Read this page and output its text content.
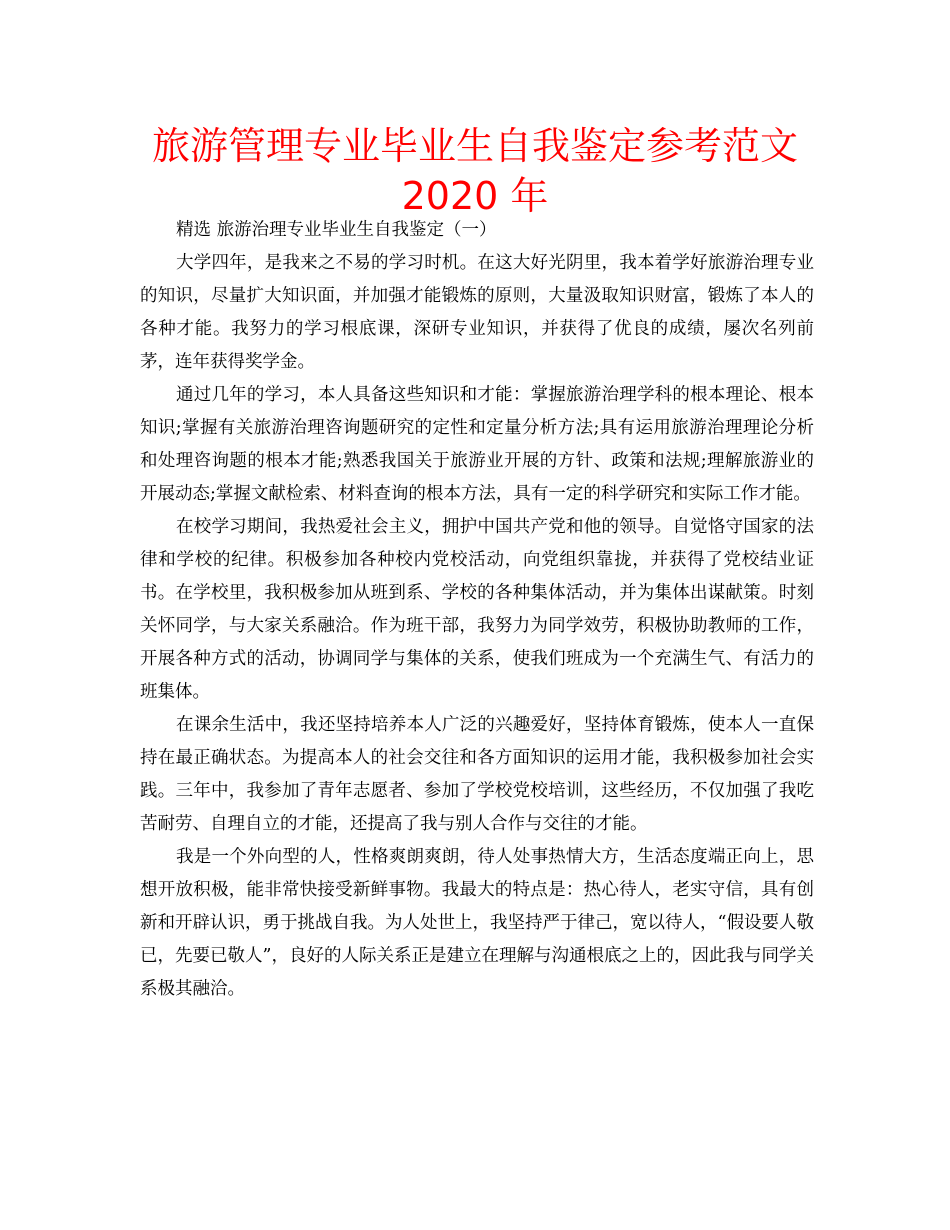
旅游管理专业毕业生自我鉴定参考范文
2020 年

精选 旅游治理专业毕业生自我鉴定（一）

大学四年，是我来之不易的学习时机。在这大好光阴里，我本着学好旅游治理专业的知识，尽量扩大知识面，并加强才能锻炼的原则，大量汲取知识财富，锻炼了本人的各种才能。我努力的学习根底课，深研专业知识，并获得了优良的成绩，屡次名列前茅，连年获得奖学金。

通过几年的学习，本人具备这些知识和才能：掌握旅游治理学科的根本理论、根本知识;掌握有关旅游治理咨询题研究的定性和定量分析方法;具有运用旅游治理理论分析和处理咨询题的根本才能;熟悉我国关于旅游业开展的方针、政策和法规;理解旅游业的开展动态;掌握文献检索、材料查询的根本方法，具有一定的科学研究和实际工作才能。

在校学习期间，我热爱社会主义，拥护中国共产党和他的领导。自觉恪守国家的法律和学校的纪律。积极参加各种校内党校活动，向党组织靠拢，并获得了党校结业证书。在学校里，我积极参加从班到系、学校的各种集体活动，并为集体出谋献策。时刻关怀同学，与大家关系融洽。作为班干部，我努力为同学效劳，积极协助教师的工作，开展各种方式的活动，协调同学与集体的关系，使我们班成为一个充满生气、有活力的班集体。

在课余生活中，我还坚持培养本人广泛的兴趣爱好，坚持体育锻炼，使本人一直保持在最正确状态。为提高本人的社会交往和各方面知识的运用才能，我积极参加社会实践。三年中，我参加了青年志愿者、参加了学校党校培训，这些经历，不仅加强了我吃苦耐劳、自理自立的才能，还提高了我与别人合作与交往的才能。

我是一个外向型的人，性格爽朗爽朗，待人处事热情大方，生活态度端正向上，思想开放积极，能非常快接受新鲜事物。我最大的特点是：热心待人，老实守信，具有创新和开辟认识，勇于挑战自我。为人处世上，我坚持严于律己，宽以待人，“假设要人敬已，先要已敬人”，良好的人际关系正是建立在理解与沟通根底之上的，因此我与同学关系极其融洽。
